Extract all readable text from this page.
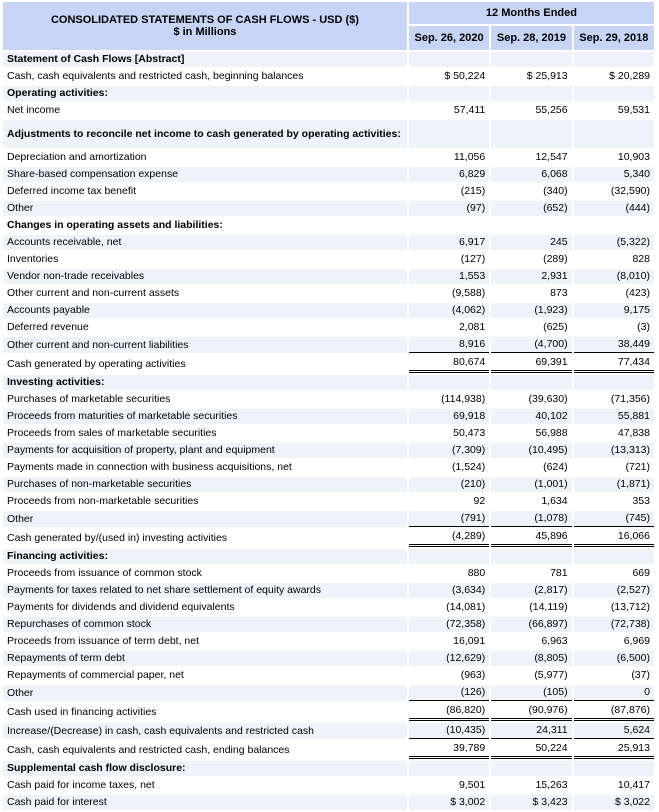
CONSOLIDATED STATEMENTS OF CASH FLOWS - USD ($)
$ in Millions	12 Months Ended		
	Sep. 26, 2020	Sep. 28, 2019	Sep. 29, 2018
Statement of Cash Flows [Abstract]			
Cash, cash equivalents and restricted cash, beginning balances	$ 50,224	$ 25,913	$ 20,289
Operating activities:			
Net income	57,411	55,256	59,531
Adjustments to reconcile net income to cash generated by operating activities:			
Depreciation and amortization	11,056	12,547	10,903
Share-based compensation expense	6,829	6,068	5,340
Deferred income tax benefit	(215)	(340)	(32,590)
Other	(97)	(652)	(444)
Changes in operating assets and liabilities:			
Accounts receivable, net	6,917	245	(5,322)
Inventories	(127)	(289)	828
Vendor non-trade receivables	1,553	2,931	(8,010)
Other current and non-current assets	(9,588)	873	(423)
Accounts payable	(4,062)	(1,923)	9,175
Deferred revenue	2,081	(625)	(3)
Other current and non-current liabilities	8,916	(4,700)	38,449
Cash generated by operating activities	80,674	69,391	77,434
Investing activities:			
Purchases of marketable securities	(114,938)	(39,630)	(71,356)
Proceeds from maturities of marketable securities	69,918	40,102	55,881
Proceeds from sales of marketable securities	50,473	56,988	47,838
Payments for acquisition of property, plant and equipment	(7,309)	(10,495)	(13,313)
Payments made in connection with business acquisitions, net	(1,524)	(624)	(721)
Purchases of non-marketable securities	(210)	(1,001)	(1,871)
Proceeds from non-marketable securities	92	1,634	353
Other	(791)	(1,078)	(745)
Cash generated by/(used in) investing activities	(4,289)	45,896	16,066
Financing activities:			
Proceeds from issuance of common stock	880	781	669
Payments for taxes related to net share settlement of equity awards	(3,634)	(2,817)	(2,527)
Payments for dividends and dividend equivalents	(14,081)	(14,119)	(13,712)
Repurchases of common stock	(72,358)	(66,897)	(72,738)
Proceeds from issuance of term debt, net	16,091	6,963	6,969
Repayments of term debt	(12,629)	(8,805)	(6,500)
Repayments of commercial paper, net	(963)	(5,977)	(37)
Other	(126)	(105)	0
Cash used in financing activities	(86,820)	(90,976)	(87,876)
Increase/(Decrease) in cash, cash equivalents and restricted cash	(10,435)	24,311	5,624
Cash, cash equivalents and restricted cash, ending balances	39,789	50,224	25,913
Supplemental cash flow disclosure:			
Cash paid for income taxes, net	9,501	15,263	10,417
Cash paid for interest	$ 3,002	$ 3,423	$ 3,022
